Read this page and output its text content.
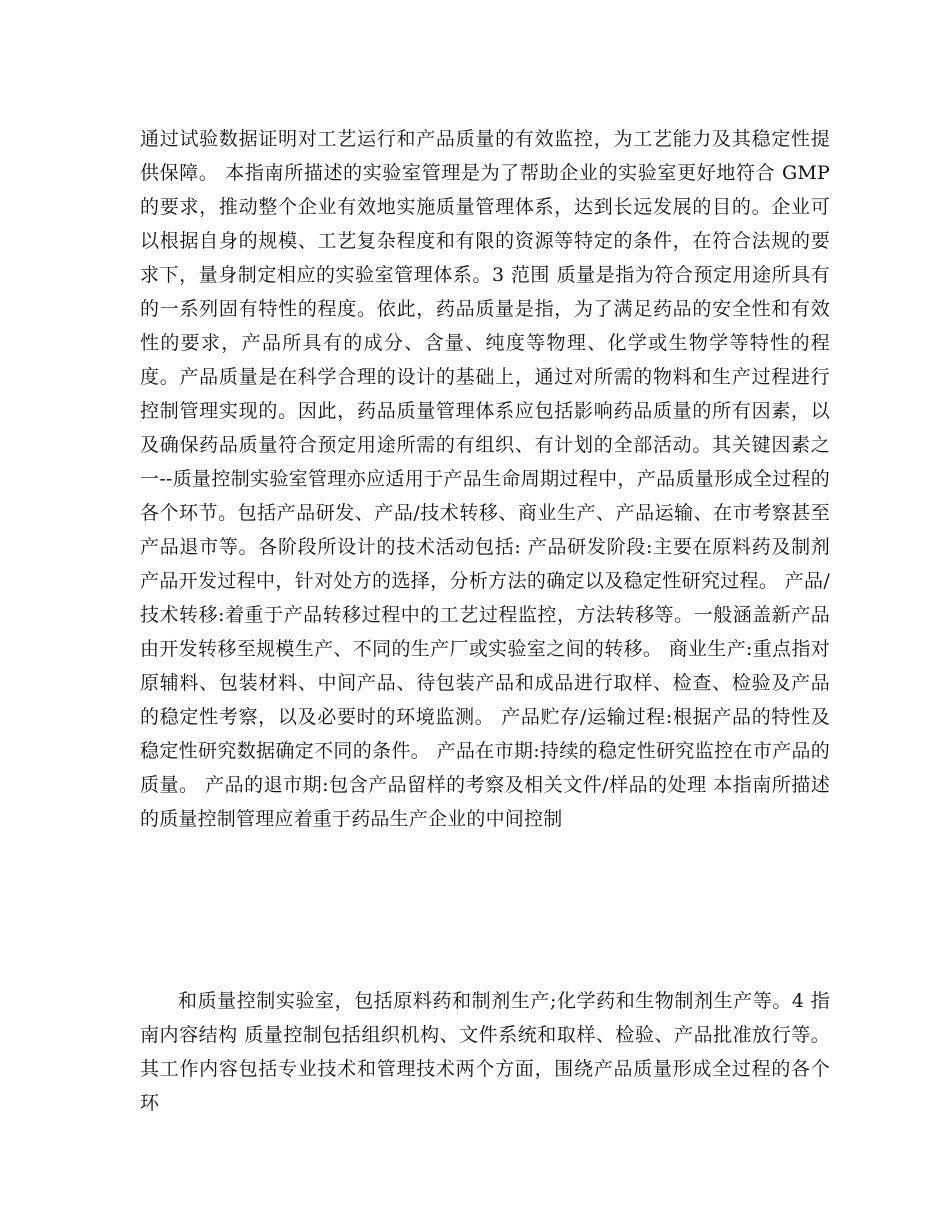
通过试验数据证明对工艺运行和产品质量的有效监控，为工艺能力及其稳定性提供保障。 本指南所描述的实验室管理是为了帮助企业的实验室更好地符合 GMP 的要求，推动整个企业有效地实施质量管理体系，达到长远发展的目的。企业可以根据自身的规模、工艺复杂程度和有限的资源等特定的条件，在符合法规的要求下，量身制定相应的实验室管理体系。3 范围 质量是指为符合预定用途所具有的一系列固有特性的程度。依此，药品质量是指，为了满足药品的安全性和有效性的要求，产品所具有的成分、含量、纯度等物理、化学或生物学等特性的程度。产品质量是在科学合理的设计的基础上，通过对所需的物料和生产过程进行控制管理实现的。因此，药品质量管理体系应包括影响药品质量的所有因素，以及确保药品质量符合预定用途所需的有组织、有计划的全部活动。其关键因素之一--质量控制实验室管理亦应适用于产品生命周期过程中，产品质量形成全过程的各个环节。包括产品研发、产品/技术转移、商业生产、产品运输、在市考察甚至产品退市等。各阶段所设计的技术活动包括: 产品研发阶段:主要在原料药及制剂产品开发过程中，针对处方的选择，分析方法的确定以及稳定性研究过程。 产品/技术转移:着重于产品转移过程中的工艺过程监控，方法转移等。一般涵盖新产品由开发转移至规模生产、不同的生产厂或实验室之间的转移。 商业生产:重点指对原辅料、包装材料、中间产品、待包装产品和成品进行取样、检查、检验及产品的稳定性考察，以及必要时的环境监测。 产品贮存/运输过程:根据产品的特性及稳定性研究数据确定不同的条件。 产品在市期:持续的稳定性研究监控在市产品的质量。 产品的退市期:包含产品留样的考察及相关文件/样品的处理 本指南所描述的质量控制管理应着重于药品生产企业的中间控制

和质量控制实验室，包括原料药和制剂生产;化学药和生物制剂生产等。4 指南内容结构 质量控制包括组织机构、文件系统和取样、检验、产品批准放行等。其工作内容包括专业技术和管理技术两个方面，围绕产品质量形成全过程的各个环
